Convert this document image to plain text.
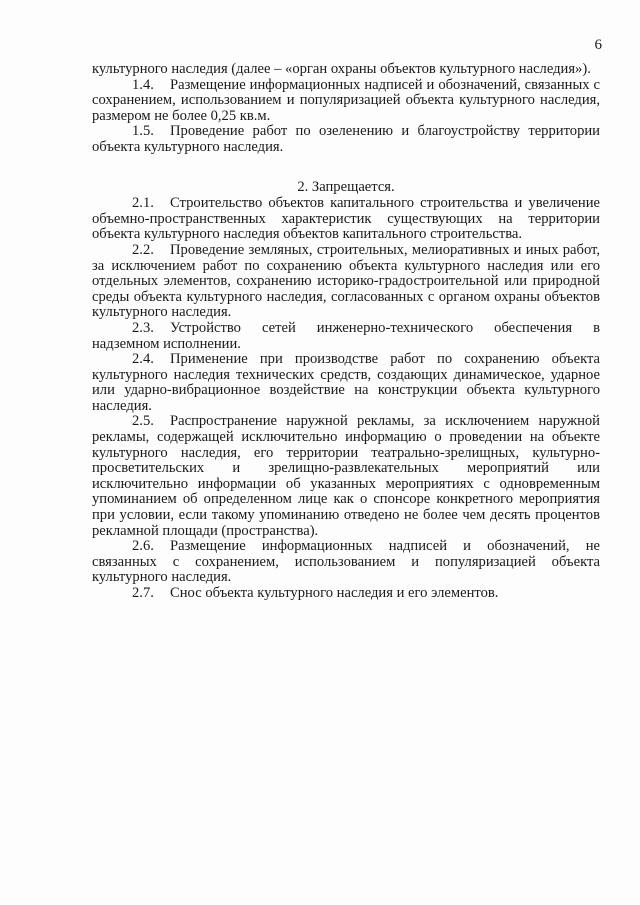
6

культурного наследия (далее – «орган охраны объектов культурного наследия»).

1.4. Размещение информационных надписей и обозначений, связанных с сохранением, использованием и популяризацией объекта культурного наследия, размером не более 0,25 кв.м.

1.5. Проведение работ по озеленению и благоустройству территории объекта культурного наследия.

2. Запрещается.

2.1. Строительство объектов капитального строительства и увеличение объемно-пространственных характеристик существующих на территории объекта культурного наследия объектов капитального строительства.

2.2. Проведение земляных, строительных, мелиоративных и иных работ, за исключением работ по сохранению объекта культурного наследия или его отдельных элементов, сохранению историко-градостроительной или природной среды объекта культурного наследия, согласованных с органом охраны объектов культурного наследия.

2.3. Устройство сетей инженерно-технического обеспечения в надземном исполнении.

2.4. Применение при производстве работ по сохранению объекта культурного наследия технических средств, создающих динамическое, ударное или ударно-вибрационное воздействие на конструкции объекта культурного наследия.

2.5. Распространение наружной рекламы, за исключением наружной рекламы, содержащей исключительно информацию о проведении на объекте культурного наследия, его территории театрально-зрелищных, культурно-просветительских и зрелищно-развлекательных мероприятий или исключительно информации об указанных мероприятиях с одновременным упоминанием об определенном лице как о спонсоре конкретного мероприятия при условии, если такому упоминанию отведено не более чем десять процентов рекламной площади (пространства).

2.6. Размещение информационных надписей и обозначений, не связанных с сохранением, использованием и популяризацией объекта культурного наследия.

2.7. Снос объекта культурного наследия и его элементов.
